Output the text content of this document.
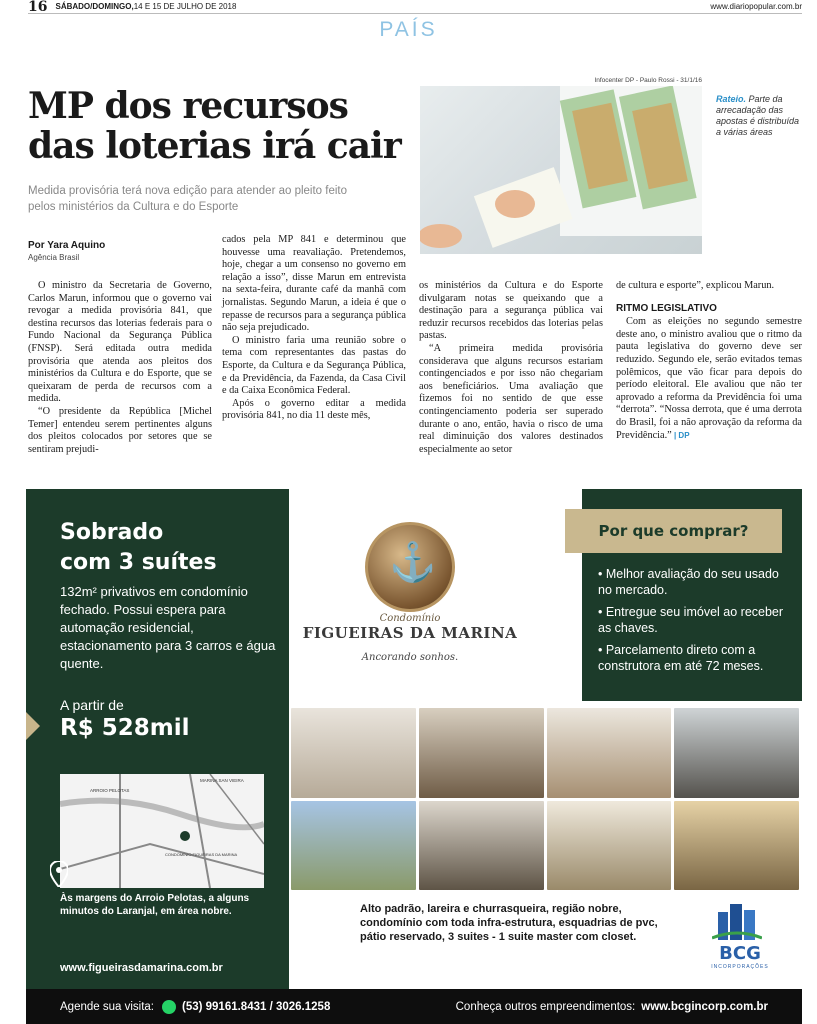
16 SÁBADO/DOMINGO, 14 E 15 DE JULHO DE 2018	www.diariopopular.com.br
PAÍS
MP dos recursos
das loterias irá cair
Medida provisória terá nova edição para atender ao pleito feito pelos ministérios da Cultura e do Esporte
Infocenter DP - Paulo Rossi - 31/1/16
Rateio. Parte da arrecadação das apostas é distribuída a várias áreas
Por Yara Aquino
Agência Brasil

O ministro da Secretaria de Governo, Carlos Marun, informou que o governo vai revogar a medida provisória 841, que destina recursos das loterias federais para o Fundo Nacional da Segurança Pública (FNSP). Será editada outra medida provisória que atenda aos pleitos dos ministérios da Cultura e do Esporte, que se queixaram de perda de recursos com a medida.

“O presidente da República [Michel Temer] entendeu serem pertinentes alguns dos pleitos colocados por setores que se sentiram prejudi-

cados pela MP 841 e determinou que houvesse uma reavaliação. Pretendemos, hoje, chegar a um consenso no governo em relação a isso”, disse Marun em entrevista na sexta-feira, durante café da manhã com jornalistas. Segundo Marun, a ideia é que o repasse de recursos para a segurança pública não seja prejudicado.

O ministro faria uma reunião sobre o tema com representantes das pastas do Esporte, da Cultura e da Segurança Pública, e da Previdência, da Fazenda, da Casa Civil e da Caixa Econômica Federal.

Após o governo editar a medida provisória 841, no dia 11 deste mês,

os ministérios da Cultura e do Esporte divulgaram notas se queixando que a destinação para a segurança pública vai reduzir recursos recebidos das loterias pelas pastas.

“A primeira medida provisória considerava que alguns recursos estariam contingenciados e por isso não chegariam aos beneficiários. Uma avaliação que fizemos foi no sentido de que esse contingenciamento poderia ser superado durante o ano, então, havia o risco de uma real diminuição dos valores destinados especialmente ao setor

de cultura e esporte”, explicou Marun.

RITMO LEGISLATIVO

Com as eleições no segundo semestre deste ano, o ministro avaliou que o ritmo da pauta legislativa do governo deve ser reduzido. Segundo ele, serão evitados temas polêmicos, que vão ficar para depois do período eleitoral. Ele avaliou que não ter aprovado a reforma da Previdência foi uma “derrota”. “Nossa derrota, que é uma derrota do Brasil, foi a não aprovação da reforma da Previdência.” | DP

Sobrado
com 3 suítes
132m² privativos em condomínio fechado. Possui espera para automação residencial, estacionamento para 3 carros e água quente.
A partir de
R$ 528mil
ARROIO PELOTAS
MARINA SAN VIEIRA
CONDOMÍNIO FIGUEIRAS DA MARINA
Às margens do Arroio Pelotas, a alguns minutos do Laranjal, em área nobre.
www.figueirasdamarina.com.br
⚓
Condomínio
FIGUEIRAS DA MARINA
Ancorando sonhos.
Por que comprar?
• Melhor avaliação do seu usado no mercado.
• Entregue seu imóvel ao receber as chaves.
• Parcelamento direto com a construtora em até 72 meses.
Alto padrão, lareira e churrasqueira, região nobre, condomínio com toda infra-estrutura, esquadrias de pvc, pátio reservado, 3 suites - 1 suite master com closet.
BCG
INCORPORAÇÕES
Agende sua visita: (53) 99161.8431 / 3026.1258	Conheça outros empreendimentos: www.bcgincorp.com.br
